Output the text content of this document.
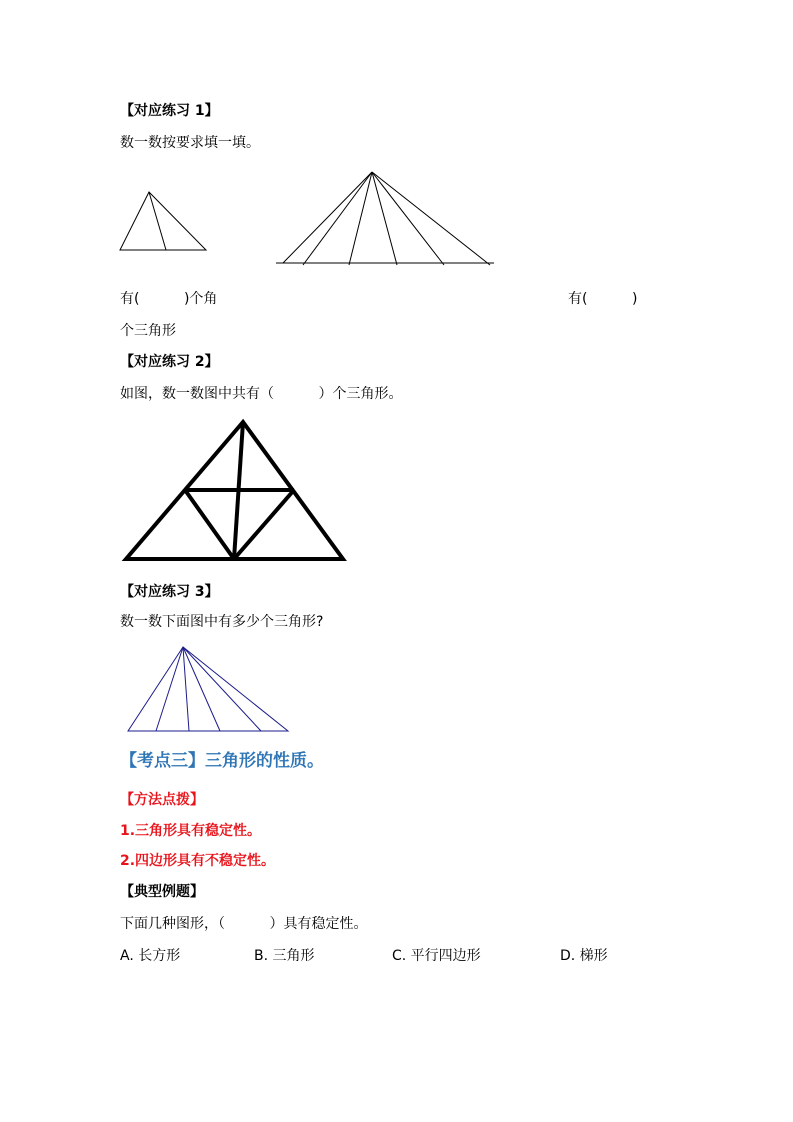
【对应练习 1】
数一数按要求填一填。
有(          )个角	有(          )
个三角形
【对应练习 2】
如图，数一数图中共有（          ）个三角形。
【对应练习 3】
数一数下面图中有多少个三角形?
【考点三】三角形的性质。
【方法点拨】
1.三角形具有稳定性。
2.四边形具有不稳定性。
【典型例题】
下面几种图形，（          ）具有稳定性。
A. 长方形	B. 三角形	C. 平行四边形	D. 梯形
